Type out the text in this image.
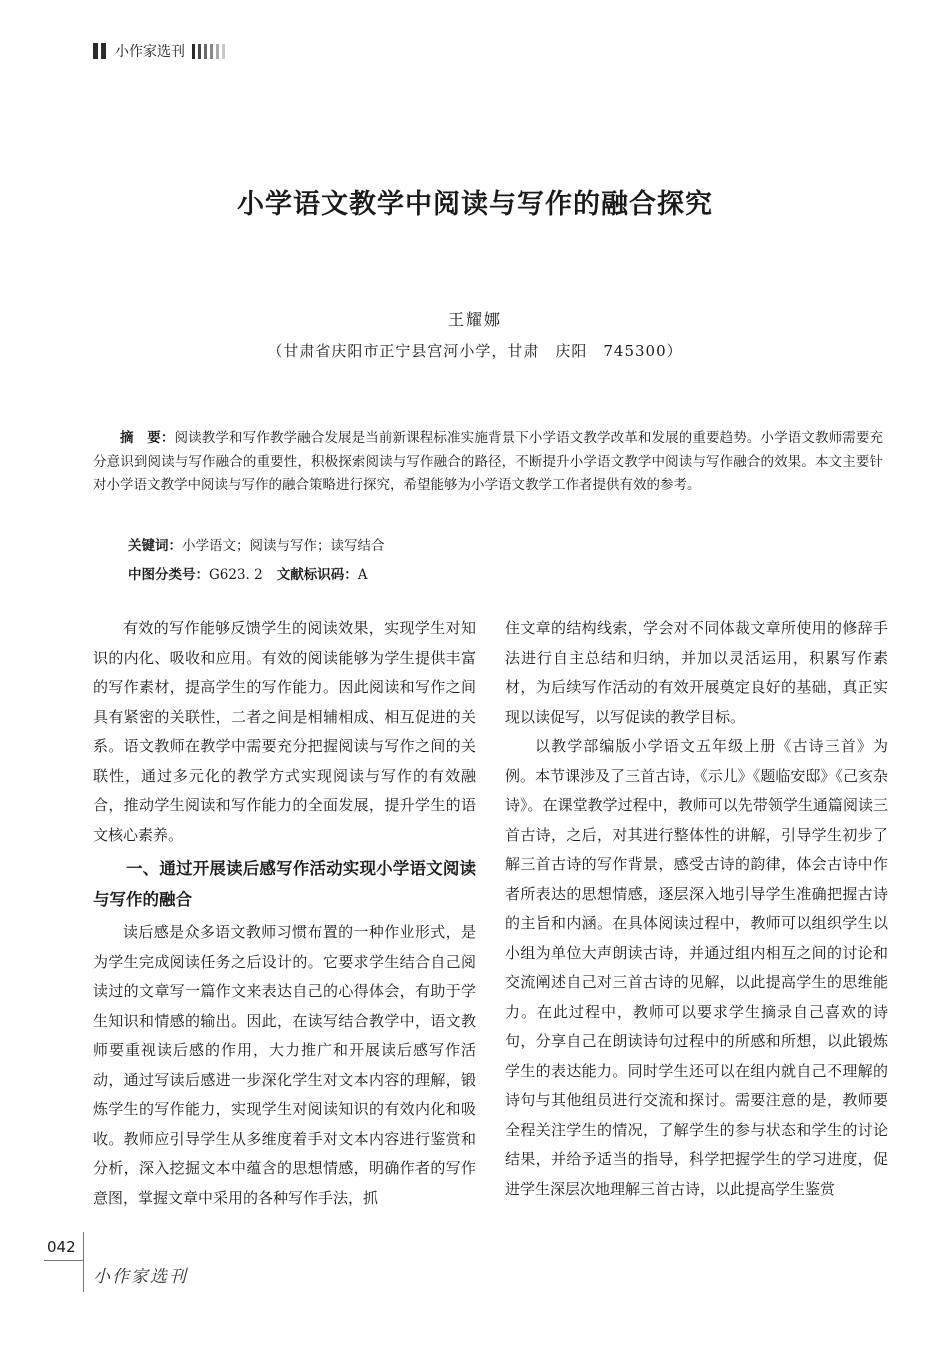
小作家选刊
小学语文教学中阅读与写作的融合探究
王耀娜
（甘肃省庆阳市正宁县宫河小学，甘肃　庆阳　745300）

摘　要：阅读教学和写作教学融合发展是当前新课程标准实施背景下小学语文教学改革和发展的重要趋势。小学语文教师需要充分意识到阅读与写作融合的重要性，积极探索阅读与写作融合的路径，不断提升小学语文教学中阅读与写作融合的效果。本文主要针对小学语文教学中阅读与写作的融合策略进行探究，希望能够为小学语文教学工作者提供有效的参考。

关键词：小学语文；阅读与写作；读写结合
中图分类号：G623. 2 文献标识码：A

有效的写作能够反馈学生的阅读效果，实现学生对知识的内化、吸收和应用。有效的阅读能够为学生提供丰富的写作素材，提高学生的写作能力。因此阅读和写作之间具有紧密的关联性，二者之间是相辅相成、相互促进的关系。语文教师在教学中需要充分把握阅读与写作之间的关联性，通过多元化的教学方式实现阅读与写作的有效融合，推动学生阅读和写作能力的全面发展，提升学生的语文核心素养。

一、通过开展读后感写作活动实现小学语文阅读与写作的融合

读后感是众多语文教师习惯布置的一种作业形式，是为学生完成阅读任务之后设计的。它要求学生结合自己阅读过的文章写一篇作文来表达自己的心得体会，有助于学生知识和情感的输出。因此，在读写结合教学中，语文教师要重视读后感的作用，大力推广和开展读后感写作活动，通过写读后感进一步深化学生对文本内容的理解，锻炼学生的写作能力，实现学生对阅读知识的有效内化和吸收。教师应引导学生从多维度着手对文本内容进行鉴赏和分析，深入挖掘文本中蕴含的思想情感，明确作者的写作意图，掌握文章中采用的各种写作手法，抓

住文章的结构线索，学会对不同体裁文章所使用的修辞手法进行自主总结和归纳，并加以灵活运用，积累写作素材，为后续写作活动的有效开展奠定良好的基础，真正实现以读促写，以写促读的教学目标。

以教学部编版小学语文五年级上册《古诗三首》为例。本节课涉及了三首古诗，《示儿》《题临安邸》《己亥杂诗》。在课堂教学过程中，教师可以先带领学生通篇阅读三首古诗，之后，对其进行整体性的讲解，引导学生初步了解三首古诗的写作背景，感受古诗的韵律，体会古诗中作者所表达的思想情感，逐层深入地引导学生准确把握古诗的主旨和内涵。在具体阅读过程中，教师可以组织学生以小组为单位大声朗读古诗，并通过组内相互之间的讨论和交流阐述自己对三首古诗的见解，以此提高学生的思维能力。在此过程中，教师可以要求学生摘录自己喜欢的诗句，分享自己在朗读诗句过程中的所感和所想，以此锻炼学生的表达能力。同时学生还可以在组内就自己不理解的诗句与其他组员进行交流和探讨。需要注意的是，教师要全程关注学生的情况，了解学生的参与状态和学生的讨论结果，并给予适当的指导，科学把握学生的学习进度，促进学生深层次地理解三首古诗，以此提高学生鉴赏

042
小作家选刊
